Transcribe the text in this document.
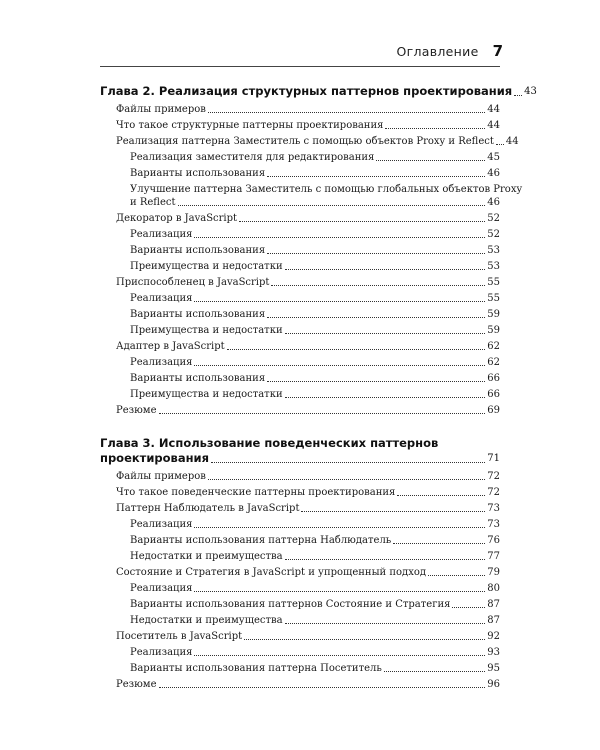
Оглавление 7
Глава 2. Реализация структурных паттернов проектирования 43
Файлы примеров	44
Что такое структурные паттерны проектирования	44
Реализация паттерна Заместитель с помощью объектов Proxy и Reflect 44
Реализация заместителя для редактирования	45
Варианты использования	46
Улучшение паттерна Заместитель с помощью глобальных объектов Proxy
и Reflect	46
Декоратор в JavaScript	52
Реализация	52
Варианты использования	53
Преимущества и недостатки	53
Приспособленец в JavaScript	55
Реализация	55
Варианты использования	59
Преимущества и недостатки	59
Адаптер в JavaScript	62
Реализация	62
Варианты использования	66
Преимущества и недостатки	66
Резюме	69
Глава 3. Использование поведенческих паттернов
проектирования	71
Файлы примеров	72
Что такое поведенческие паттерны проектирования	72
Паттерн Наблюдатель в JavaScript	73
Реализация	73
Варианты использования паттерна Наблюдатель	76
Недостатки и преимущества	77
Состояние и Стратегия в JavaScript и упрощенный подход	79
Реализация	80
Варианты использования паттернов Состояние и Стратегия	87
Недостатки и преимущества	87
Посетитель в JavaScript	92
Реализация	93
Варианты использования паттерна Посетитель	95
Резюме	96
